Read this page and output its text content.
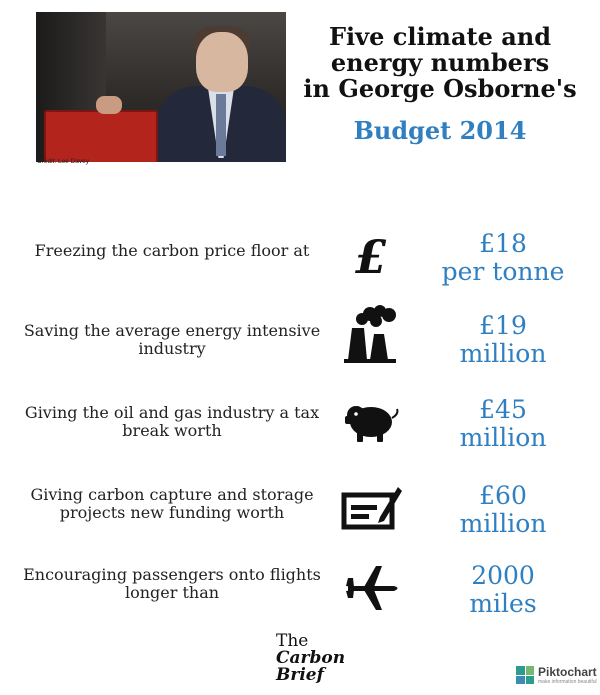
Credit: Lee Davey
Five climate and
energy numbers
in George Osborne's
Budget 2014
Freezing the carbon price floor at £	£18
per tonne
Saving the average energy intensive industry
£19
million
Giving the oil and gas industry a tax break worth
£45
million
Giving carbon capture and storage projects new funding worth
£60
million
Encouraging passengers onto flights longer than
2000
miles
The
Carbon
Brief	Piktochart
make information beautiful
